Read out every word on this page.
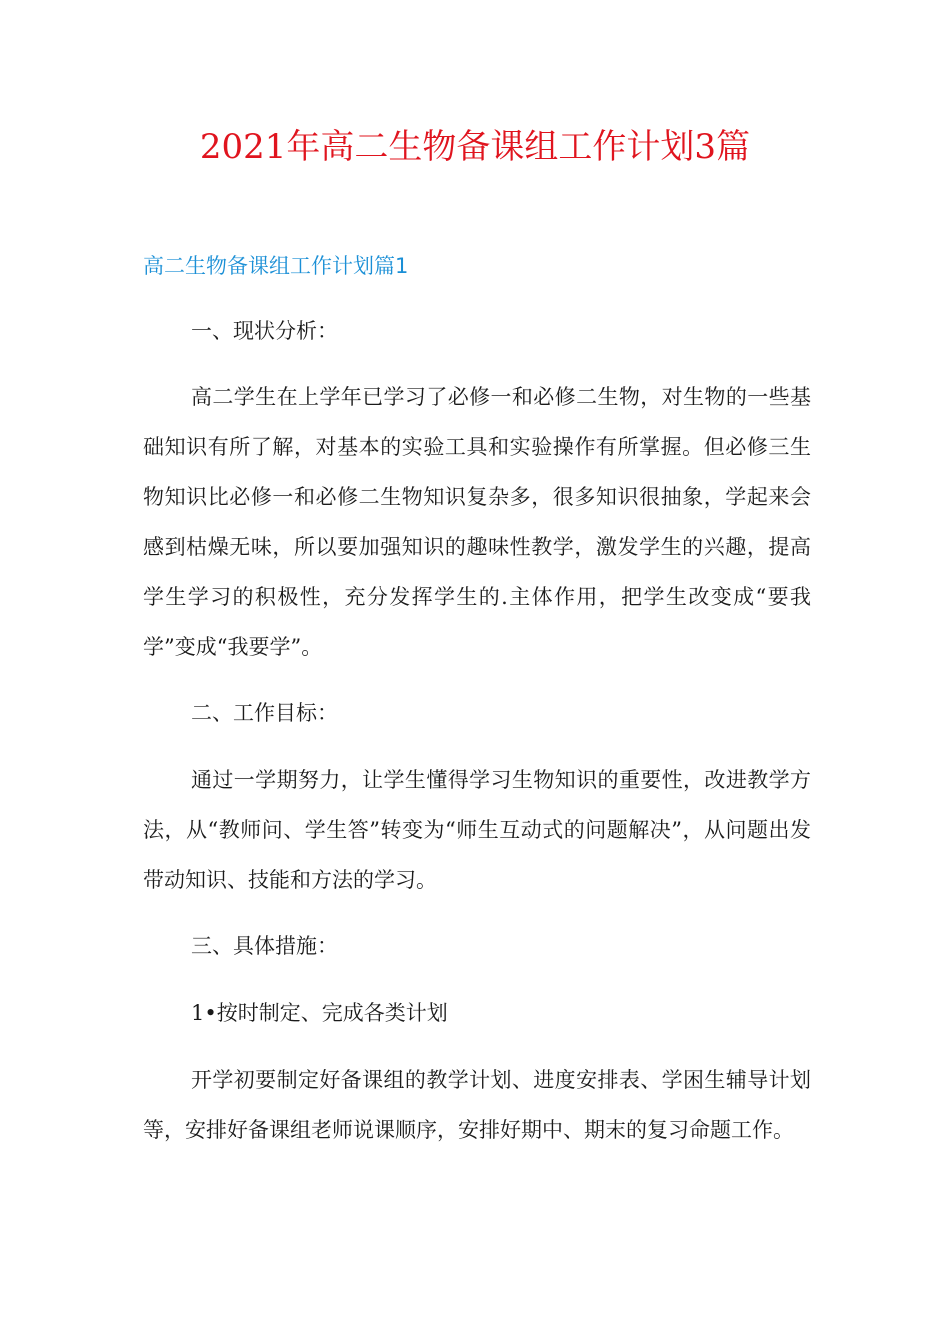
2021年高二生物备课组工作计划3篇
高二生物备课组工作计划篇1

一、现状分析：

高二学生在上学年已学习了必修一和必修二生物，对生物的一些基础知识有所了解，对基本的实验工具和实验操作有所掌握。但必修三生物知识比必修一和必修二生物知识复杂多，很多知识很抽象，学起来会感到枯燥无味，所以要加强知识的趣味性教学，激发学生的兴趣，提高学生学习的积极性，充分发挥学生的.主体作用，把学生改变成“要我学”变成“我要学”。

二、工作目标：

通过一学期努力，让学生懂得学习生物知识的重要性，改进教学方法，从“教师问、学生答”转变为“师生互动式的问题解决”，从问题出发带动知识、技能和方法的学习。

三、具体措施：

1•按时制定、完成各类计划

开学初要制定好备课组的教学计划、进度安排表、学困生辅导计划等，安排好备课组老师说课顺序，安排好期中、期末的复习命题工作。
